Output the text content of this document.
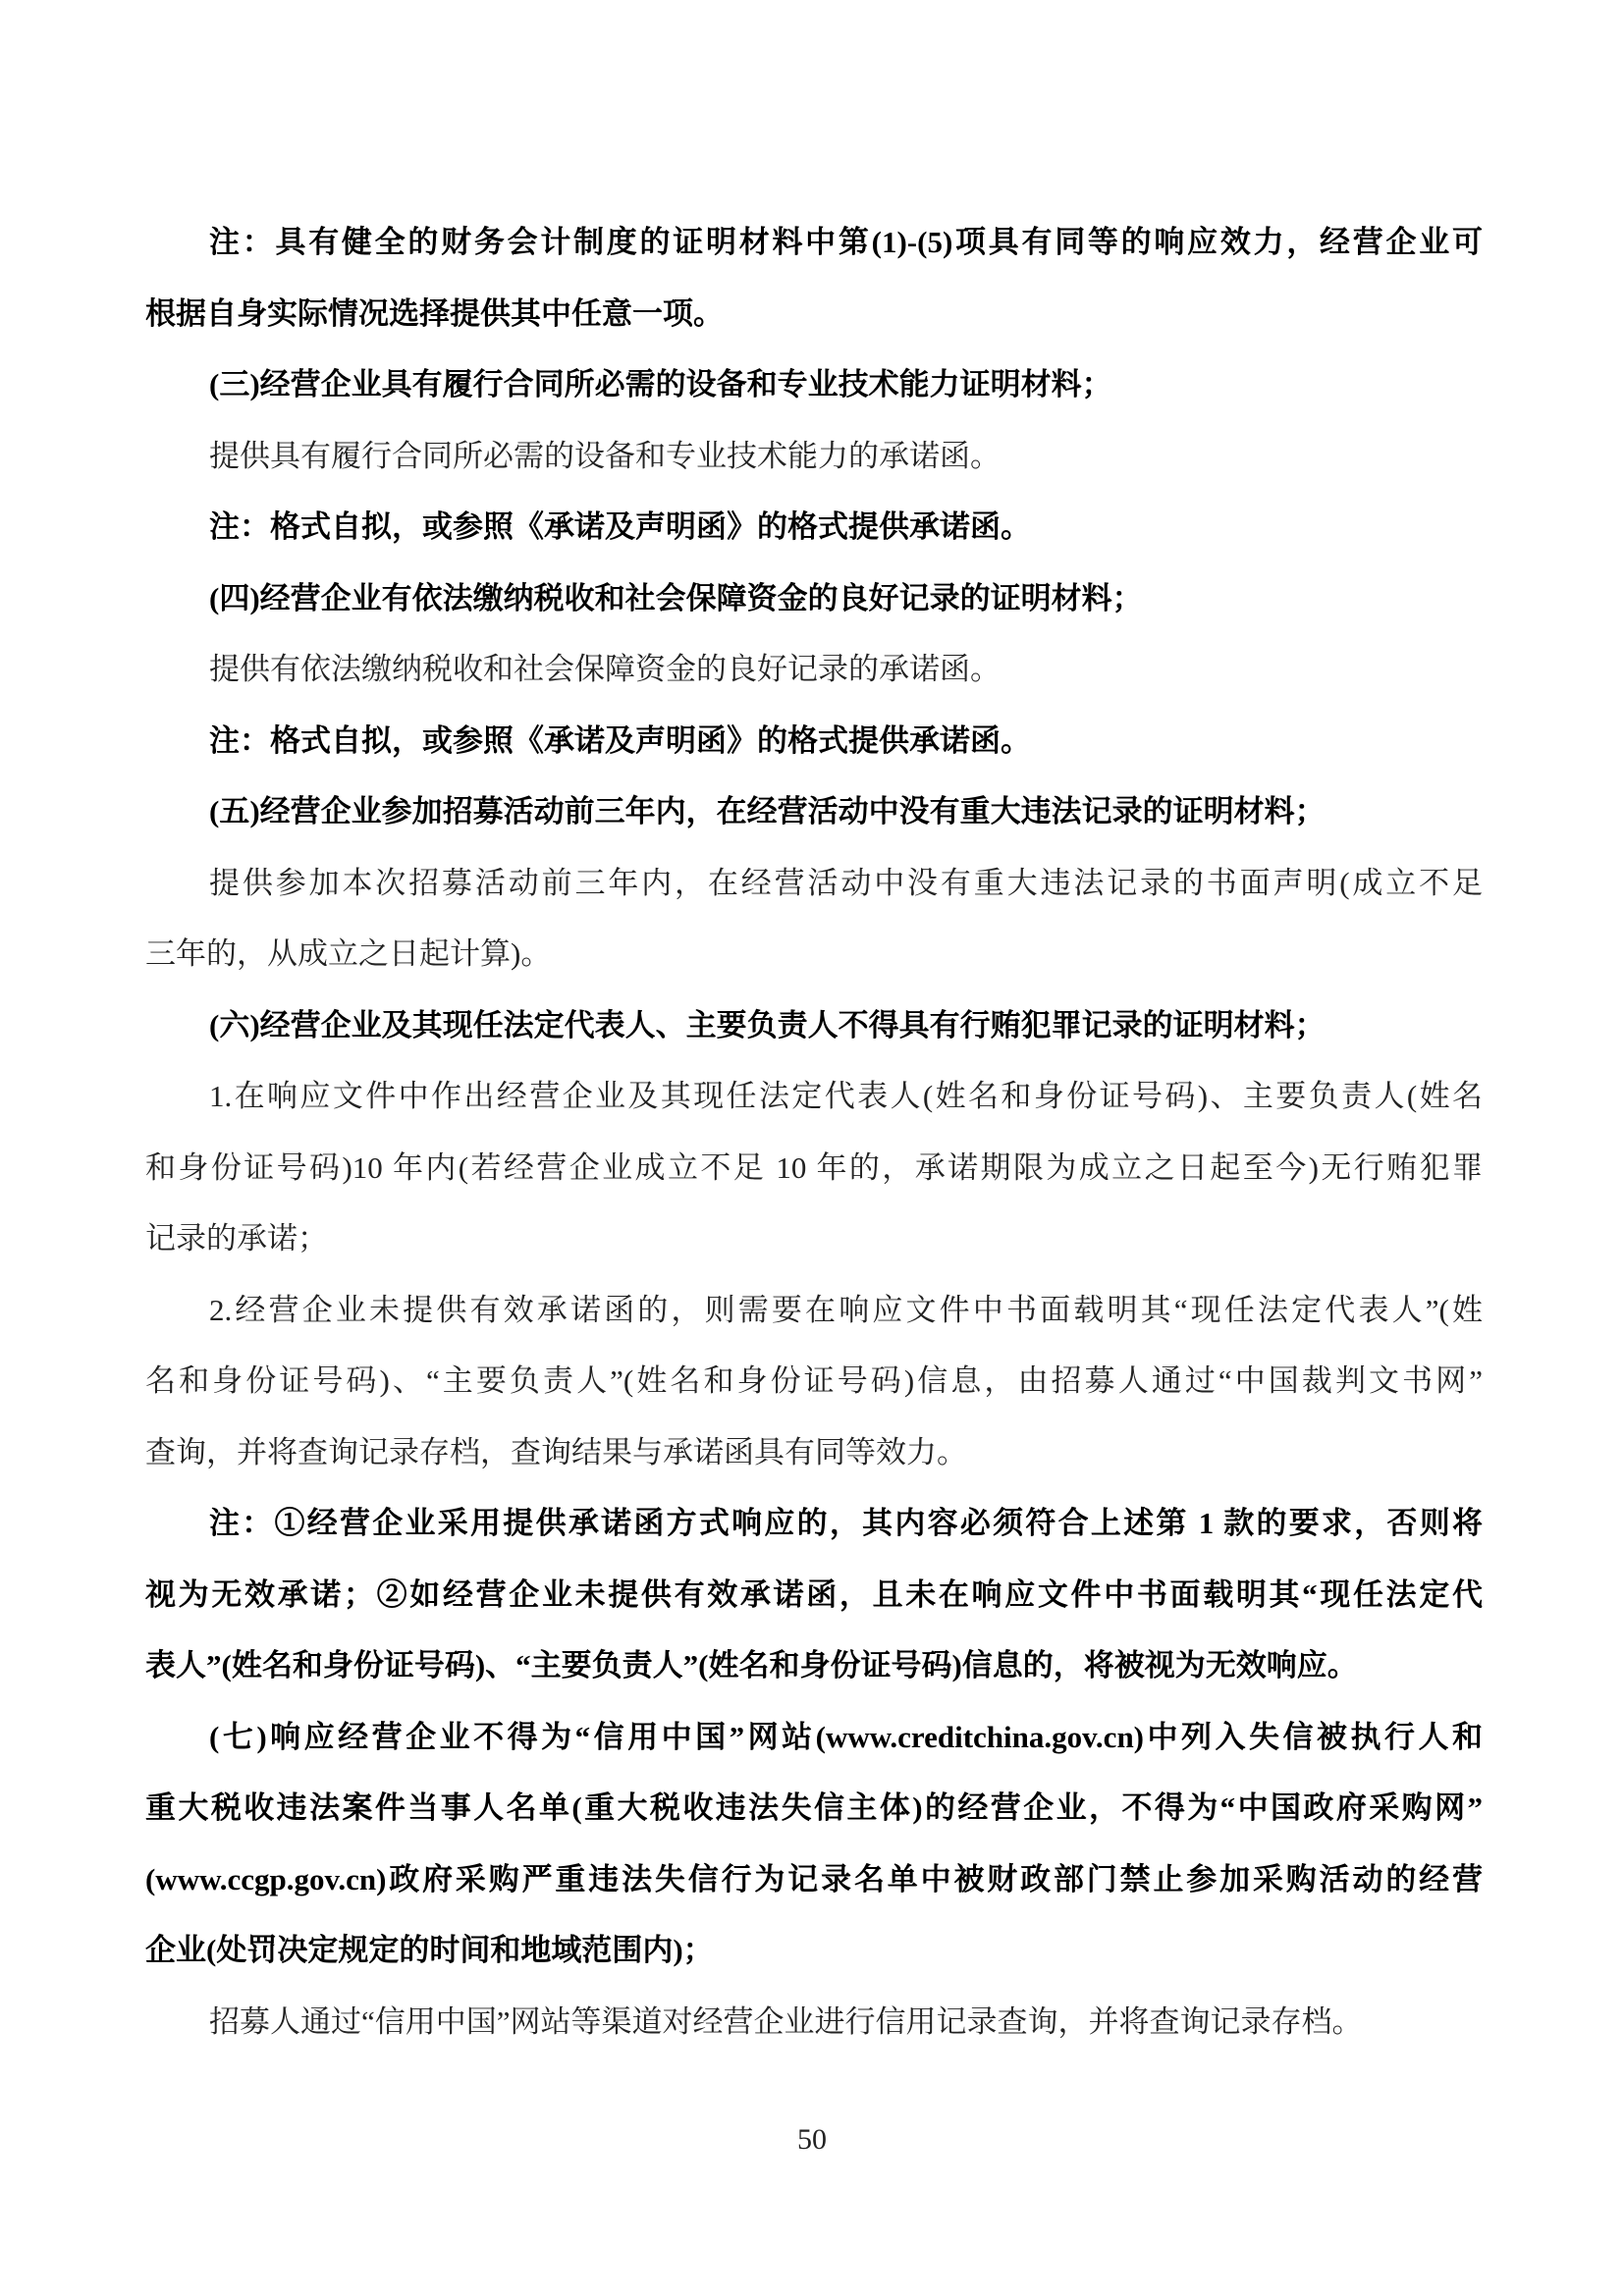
注：具有健全的财务会计制度的证明材料中第(1)-(5)项具有同等的响应效力，经营企业可
根据自身实际情况选择提供其中任意一项。
(三)经营企业具有履行合同所必需的设备和专业技术能力证明材料；
提供具有履行合同所必需的设备和专业技术能力的承诺函。
注：格式自拟，或参照《承诺及声明函》的格式提供承诺函。
(四)经营企业有依法缴纳税收和社会保障资金的良好记录的证明材料；
提供有依法缴纳税收和社会保障资金的良好记录的承诺函。
注：格式自拟，或参照《承诺及声明函》的格式提供承诺函。
(五)经营企业参加招募活动前三年内，在经营活动中没有重大违法记录的证明材料；
提供参加本次招募活动前三年内，在经营活动中没有重大违法记录的书面声明(成立不足
三年的，从成立之日起计算)。
(六)经营企业及其现任法定代表人、主要负责人不得具有行贿犯罪记录的证明材料；
1.在响应文件中作出经营企业及其现任法定代表人(姓名和身份证号码)、主要负责人(姓名
和身份证号码)10 年内(若经营企业成立不足 10 年的，承诺期限为成立之日起至今)无行贿犯罪
记录的承诺；
2.经营企业未提供有效承诺函的，则需要在响应文件中书面载明其“现任法定代表人”(姓
名和身份证号码)、“主要负责人”(姓名和身份证号码)信息，由招募人通过“中国裁判文书网”
查询，并将查询记录存档，查询结果与承诺函具有同等效力。
注：①经营企业采用提供承诺函方式响应的，其内容必须符合上述第 1 款的要求，否则将
视为无效承诺；②如经营企业未提供有效承诺函，且未在响应文件中书面载明其“现任法定代
表人”(姓名和身份证号码)、“主要负责人”(姓名和身份证号码)信息的，将被视为无效响应。
(七)响应经营企业不得为“信用中国”网站(www.creditchina.gov.cn)中列入失信被执行人和
重大税收违法案件当事人名单(重大税收违法失信主体)的经营企业，不得为“中国政府采购网”
(www.ccgp.gov.cn)政府采购严重违法失信行为记录名单中被财政部门禁止参加采购活动的经营
企业(处罚决定规定的时间和地域范围内)；
招募人通过“信用中国”网站等渠道对经营企业进行信用记录查询，并将查询记录存档。
50
